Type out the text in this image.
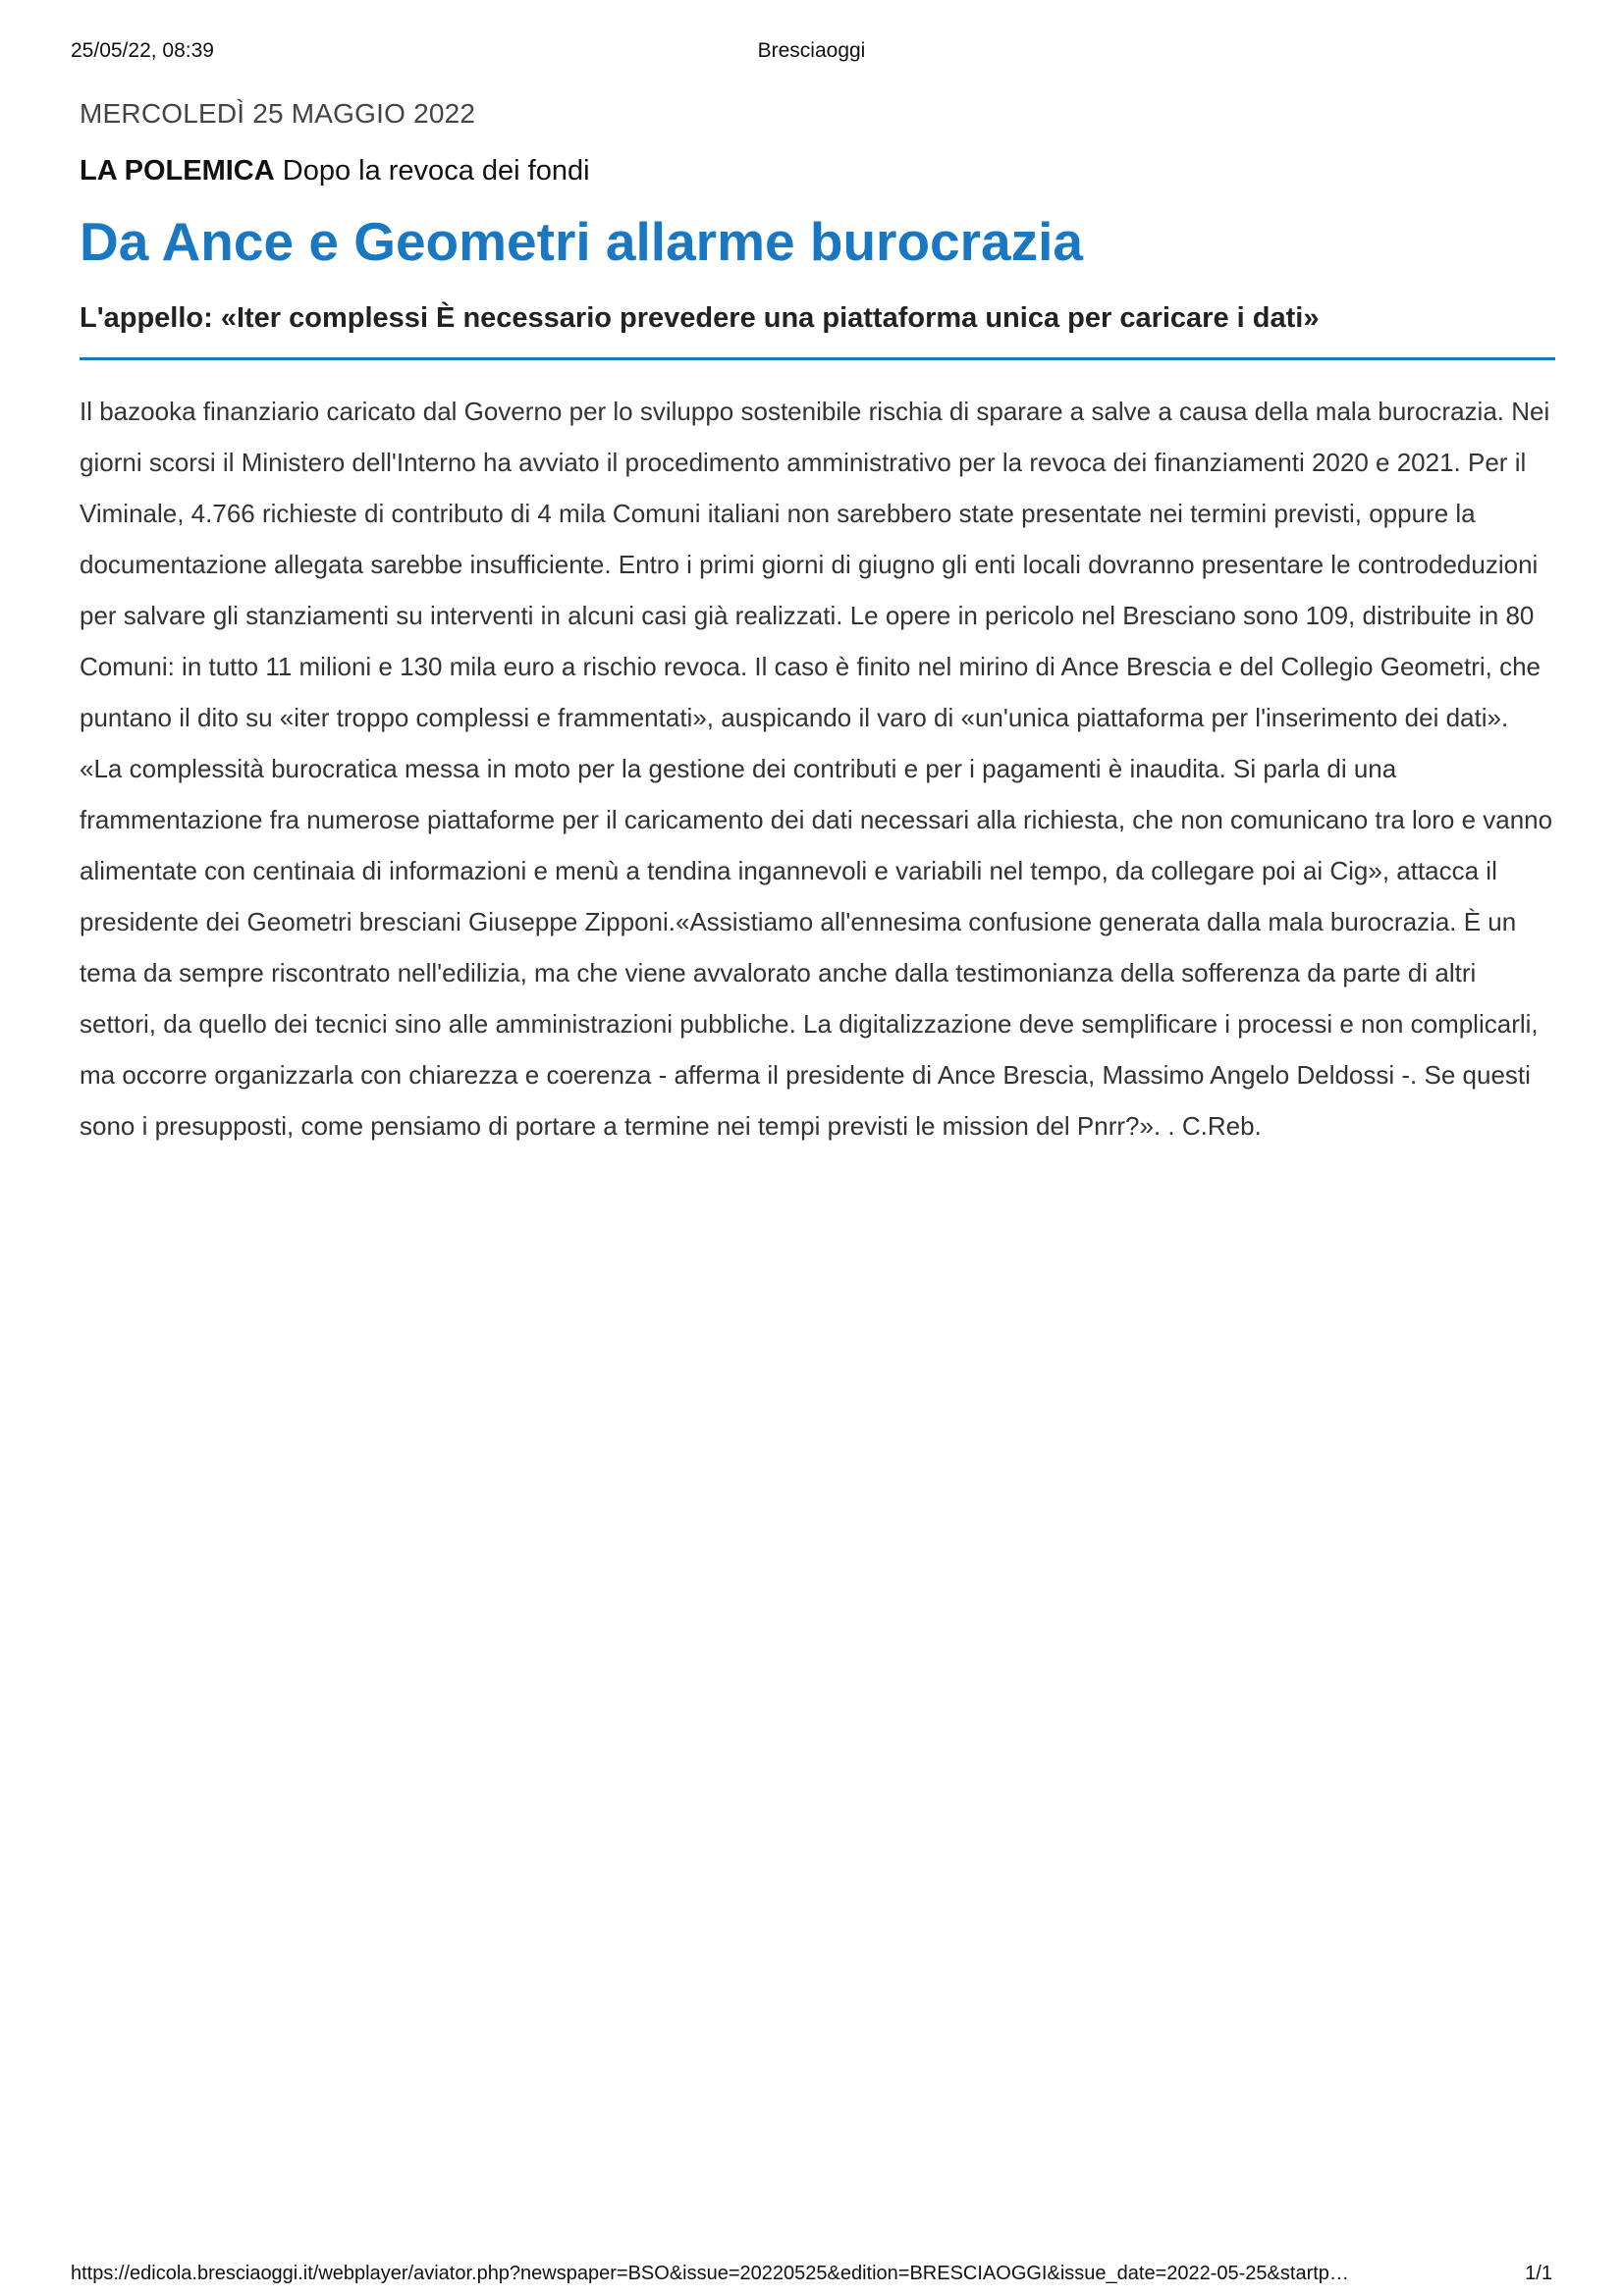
25/05/22, 08:39	Bresciaoggi
MERCOLEDÌ 25 MAGGIO 2022
LA POLEMICA Dopo la revoca dei fondi
Da Ance e Geometri allarme burocrazia
L'appello: «Iter complessi È necessario prevedere una piattaforma unica per caricare i dati»

Il bazooka finanziario caricato dal Governo per lo sviluppo sostenibile rischia di sparare a salve a causa della mala burocrazia. Nei giorni scorsi il Ministero dell'Interno ha avviato il procedimento amministrativo per la revoca dei finanziamenti 2020 e 2021. Per il Viminale, 4.766 richieste di contributo di 4 mila Comuni italiani non sarebbero state presentate nei termini previsti, oppure la documentazione allegata sarebbe insufficiente. Entro i primi giorni di giugno gli enti locali dovranno presentare le controdeduzioni per salvare gli stanziamenti su interventi in alcuni casi già realizzati. Le opere in pericolo nel Bresciano sono 109, distribuite in 80 Comuni: in tutto 11 milioni e 130 mila euro a rischio revoca. Il caso è finito nel mirino di Ance Brescia e del Collegio Geometri, che puntano il dito su «iter troppo complessi e frammentati», auspicando il varo di «un'unica piattaforma per l'inserimento dei dati». «La complessità burocratica messa in moto per la gestione dei contributi e per i pagamenti è inaudita. Si parla di una frammentazione fra numerose piattaforme per il caricamento dei dati necessari alla richiesta, che non comunicano tra loro e vanno alimentate con centinaia di informazioni e menù a tendina ingannevoli e variabili nel tempo, da collegare poi ai Cig», attacca il presidente dei Geometri bresciani Giuseppe Zipponi.«Assistiamo all'ennesima confusione generata dalla mala burocrazia. È un tema da sempre riscontrato nell'edilizia, ma che viene avvalorato anche dalla testimonianza della sofferenza da parte di altri settori, da quello dei tecnici sino alle amministrazioni pubbliche. La digitalizzazione deve semplificare i processi e non complicarli, ma occorre organizzarla con chiarezza e coerenza - afferma il presidente di Ance Brescia, Massimo Angelo Deldossi -. Se questi sono i presupposti, come pensiamo di portare a termine nei tempi previsti le mission del Pnrr?». . C.Reb.

https://edicola.bresciaoggi.it/webplayer/aviator.php?newspaper=BSO&issue=20220525&edition=BRESCIAOGGI&issue_date=2022-05-25&startp…	1/1
